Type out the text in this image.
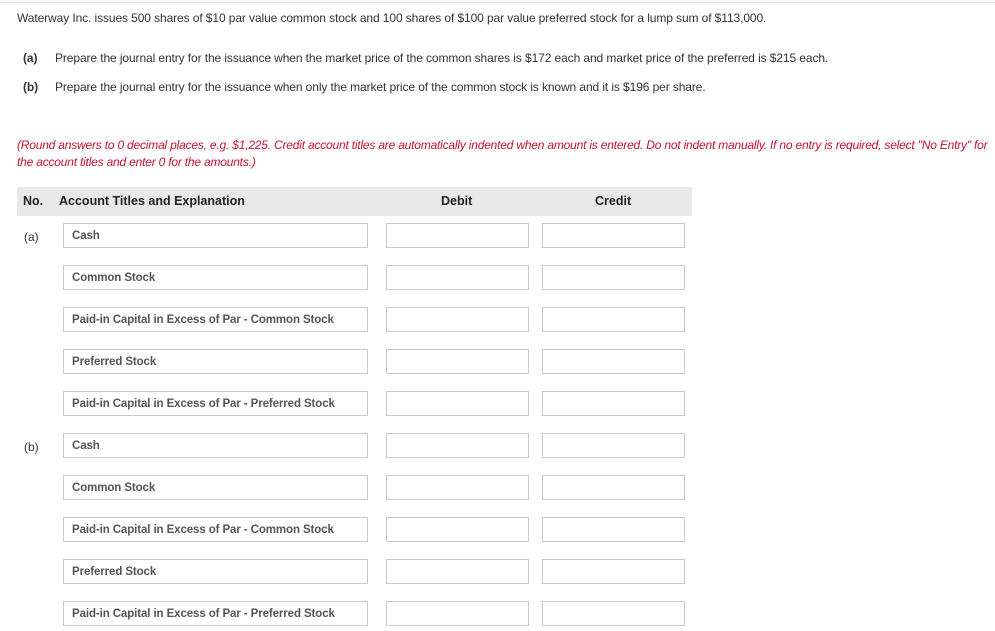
Waterway Inc. issues 500 shares of $10 par value common stock and 100 shares of $100 par value preferred stock for a lump sum of $113,000.
(a)	Prepare the journal entry for the issuance when the market price of the common shares is $172 each and market price of the preferred is $215 each.
(b)	Prepare the journal entry for the issuance when only the market price of the common stock is known and it is $196 per share.
(Round answers to 0 decimal places, e.g. $1,225. Credit account titles are automatically indented when amount is entered. Do not indent manually. If no entry is required, select "No Entry" for the account titles and enter 0 for the amounts.)
No. Account Titles and Explanation	Debit	Credit
(a)	Cash
Common Stock
Paid-in Capital in Excess of Par - Common Stock
Preferred Stock
Paid-in Capital in Excess of Par - Preferred Stock
(b)	Cash
Common Stock
Paid-in Capital in Excess of Par - Common Stock
Preferred Stock
Paid-in Capital in Excess of Par - Preferred Stock
